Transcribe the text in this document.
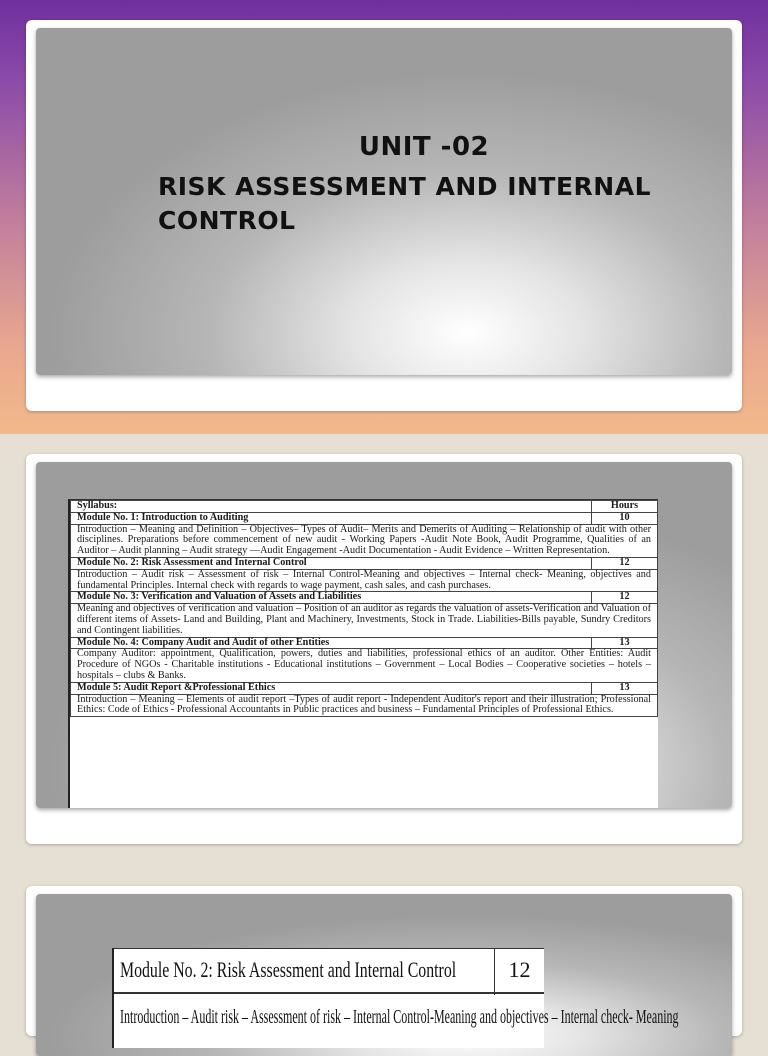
UNIT -02
RISK ASSESSMENT AND INTERNAL CONTROL
Syllabus:	Hours
Module No. 1: Introduction to Auditing	10
Introduction – Meaning and Definition – Objectives– Types of Audit– Merits and Demerits of Auditing – Relationship of audit with other disciplines. Preparations before commencement of new audit - Working Papers -Audit Note Book, Audit Programme, Qualities of an Auditor – Audit planning – Audit strategy —Audit Engagement -Audit Documentation - Audit Evidence – Written Representation.	
Module No. 2: Risk Assessment and Internal Control	12
Introduction – Audit risk – Assessment of risk – Internal Control-Meaning and objectives – Internal check- Meaning, objectives and fundamental Principles. Internal check with regards to wage payment, cash sales, and cash purchases.	
Module No. 3: Verification and Valuation of Assets and Liabilities	12
Meaning and objectives of verification and valuation – Position of an auditor as regards the valuation of assets-Verification and Valuation of different items of Assets- Land and Building, Plant and Machinery, Investments, Stock in Trade. Liabilities-Bills payable, Sundry Creditors and Contingent liabilities.	
Module No. 4: Company Audit and Audit of other Entities	13
Company Auditor: appointment, Qualification, powers, duties and liabilities, professional ethics of an auditor. Other Entities: Audit Procedure of NGOs - Charitable institutions - Educational institutions – Government – Local Bodies – Cooperative societies – hotels – hospitals – clubs & Banks.	
Module 5: Audit Report &Professional Ethics	13
Introduction – Meaning – Elements of audit report –Types of audit report - Independent Auditor's report and their illustration; Professional Ethics: Code of Ethics - Professional Accountants in Public practices and business – Fundamental Principles of Professional Ethics.	
Module No. 2: Risk Assessment and Internal Control	12
Introduction – Audit risk – Assessment of risk – Internal Control-Meaning and objectives – Internal check- Meaning
